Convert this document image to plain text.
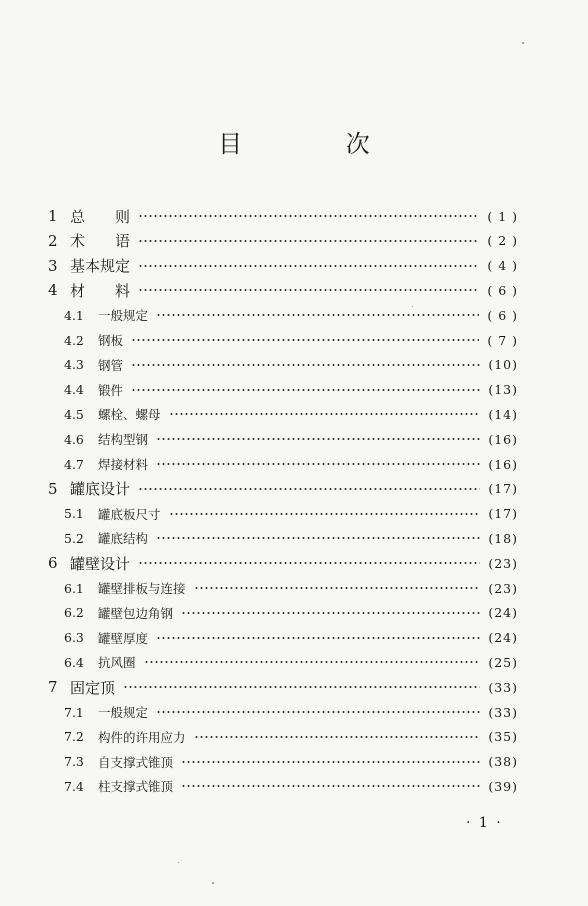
目 次
1 总　　则	( 1 )
2 术　　语	( 2 )
3 基本规定	( 4 )
4 材　　料	( 6 )
4.1	一般规定	( 6 )
4.2	钢板	( 7 )
4.3	钢管	(10)
4.4	锻件	(13)
4.5	螺栓、螺母	(14)
4.6	结构型钢	(16)
4.7	焊接材料	(16)
5 罐底设计	(17)
5.1	罐底板尺寸	(17)
5.2	罐底结构	(18)
6 罐壁设计	(23)
6.1	罐壁排板与连接	(23)
6.2	罐壁包边角钢	(24)
6.3	罐壁厚度	(24)
6.4	抗风圈	(25)
7 固定顶	(33)
7.1	一般规定	(33)
7.2	构件的许用应力	(35)
7.3	自支撑式锥顶	(38)
7.4	柱支撑式锥顶	(39)
· 1 ·
